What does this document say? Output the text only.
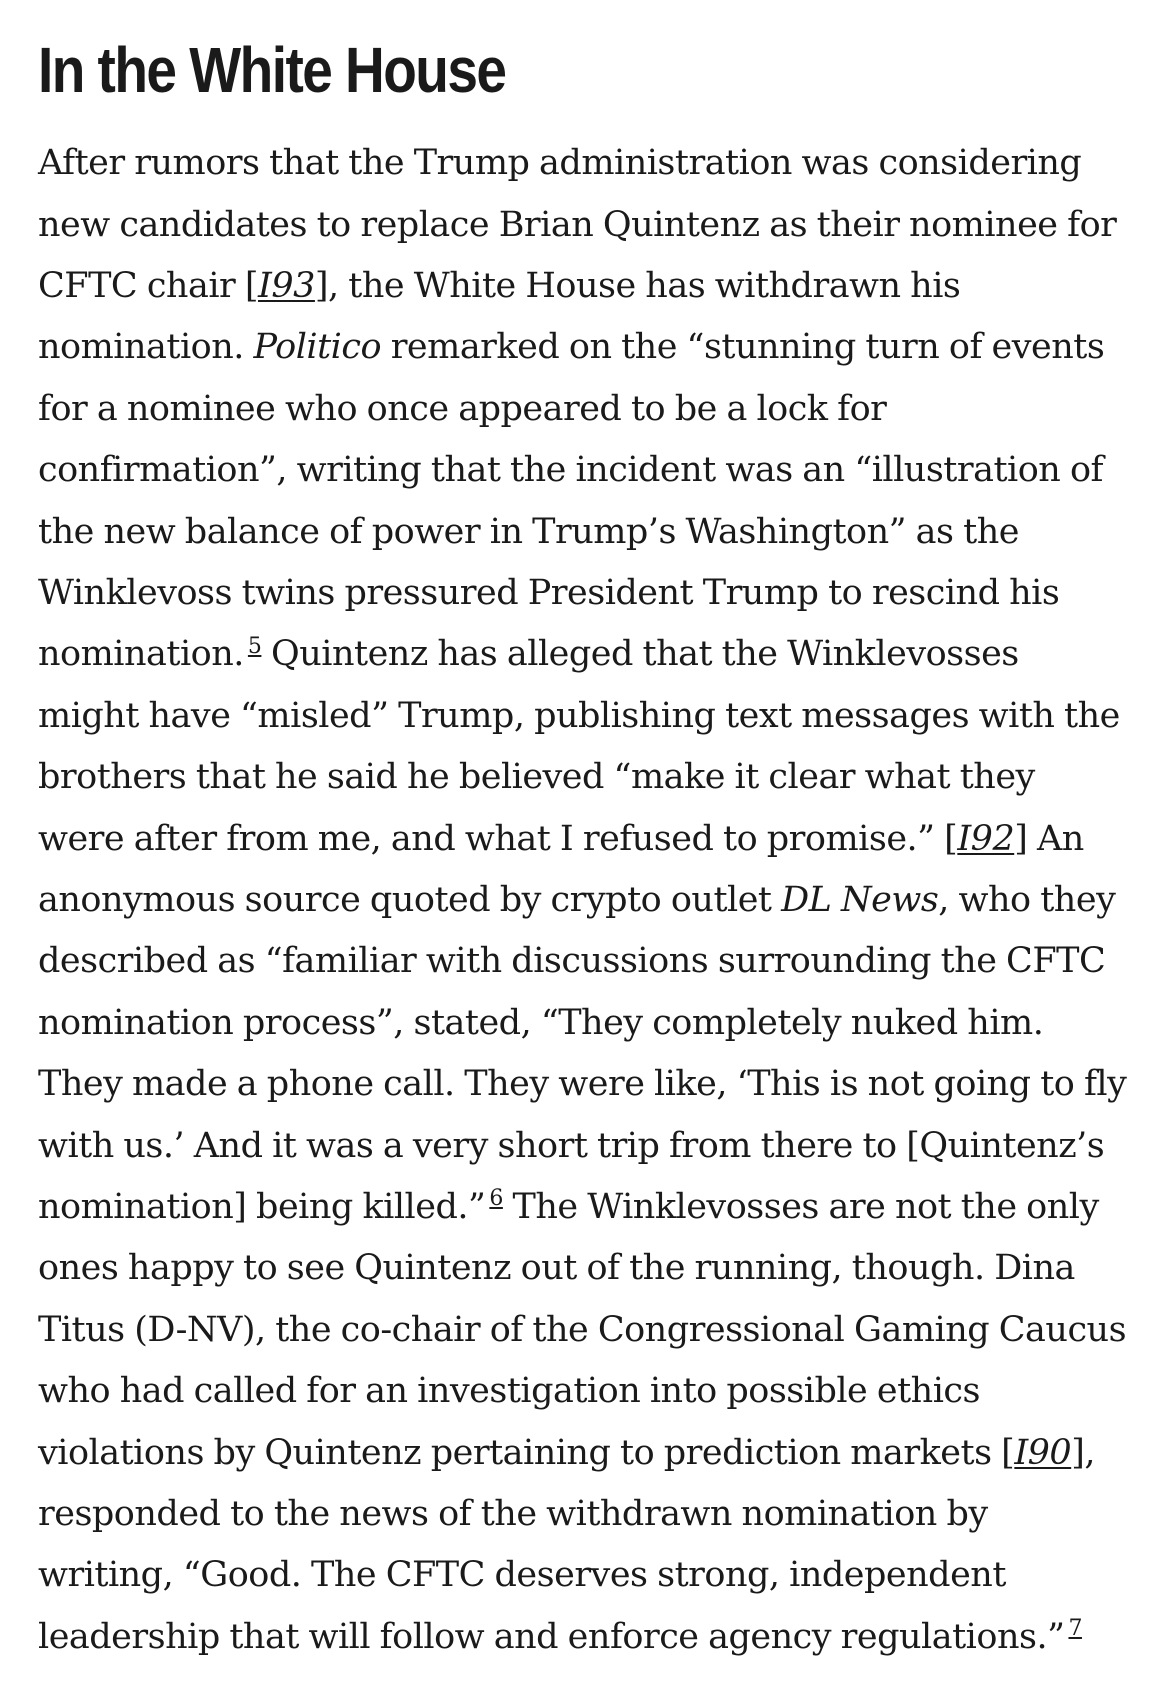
In the White House

After rumors that the Trump administration was considering new candidates to replace Brian Quintenz as their nominee for CFTC chair [I93], the White House has withdrawn his nomination. Politico remarked on the “stunning turn of events for a nominee who once appeared to be a lock for confirmation”, writing that the incident was an “illustration of the new balance of power in Trump’s Washington” as the Winklevoss twins pressured President Trump to rescind his nomination. $^5$ Quintenz has alleged that the Winklevosses might have “misled” Trump, publishing text messages with the brothers that he said he believed “make it clear what they were after from me, and what I refused to promise.” [I92] An anonymous source quoted by crypto outlet DL News, who they described as “familiar with discussions surrounding the CFTC nomination process”, stated, “They completely nuked him. They made a phone call. They were like, ‘This is not going to fly with us.’ And it was a very short trip from there to [Quintenz’s nomination] being killed.” $^6$ The Winklevosses are not the only ones happy to see Quintenz out of the running, though. Dina Titus (D-NV), the co-chair of the Congressional Gaming Caucus who had called for an investigation into possible ethics violations by Quintenz pertaining to prediction markets [I90], responded to the news of the withdrawn nomination by writing, “Good. The CFTC deserves strong, independent leadership that will follow and enforce agency regulations.” $^7$
